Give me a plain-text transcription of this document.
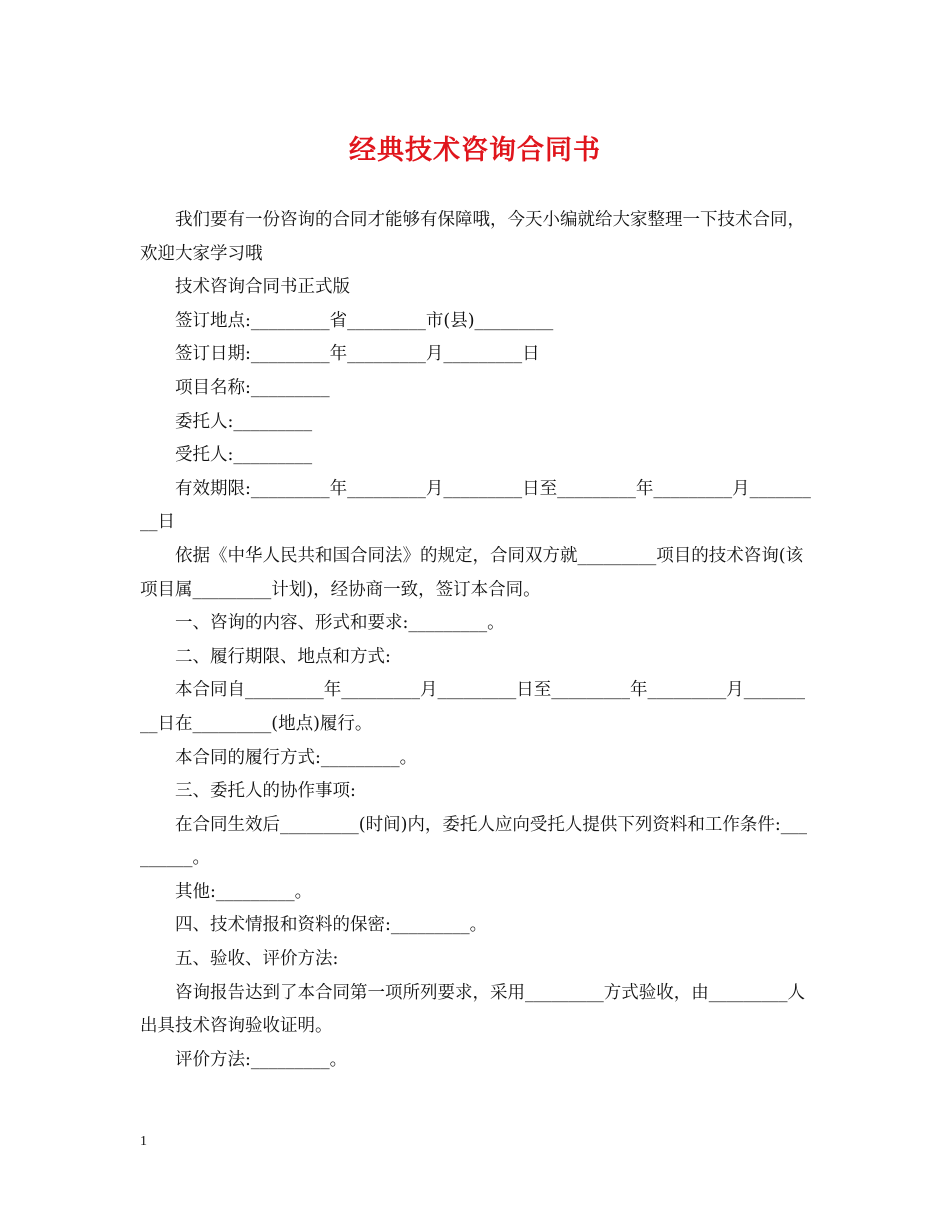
经典技术咨询合同书

我们要有一份咨询的合同才能够有保障哦，今天小编就给大家整理一下技术合同，欢迎大家学习哦

技术咨询合同书正式版

签订地点:_________省_________市(县)_________

签订日期:_________年_________月_________日

项目名称:_________

委托人:_________

受托人:_________

有效期限:_________年_________月_________日至_________年_________月_________日

依据《中华人民共和国合同法》的规定，合同双方就_________项目的技术咨询(该项目属_________计划)，经协商一致，签订本合同。

一、咨询的内容、形式和要求:_________。

二、履行期限、地点和方式:

本合同自_________年_________月_________日至_________年_________月_________日在_________(地点)履行。

本合同的履行方式:_________。

三、委托人的协作事项:

在合同生效后_________(时间)内，委托人应向受托人提供下列资料和工作条件:_________。

其他:_________。

四、技术情报和资料的保密:_________。

五、验收、评价方法:

咨询报告达到了本合同第一项所列要求，采用_________方式验收，由_________人出具技术咨询验收证明。

评价方法:_________。

1
